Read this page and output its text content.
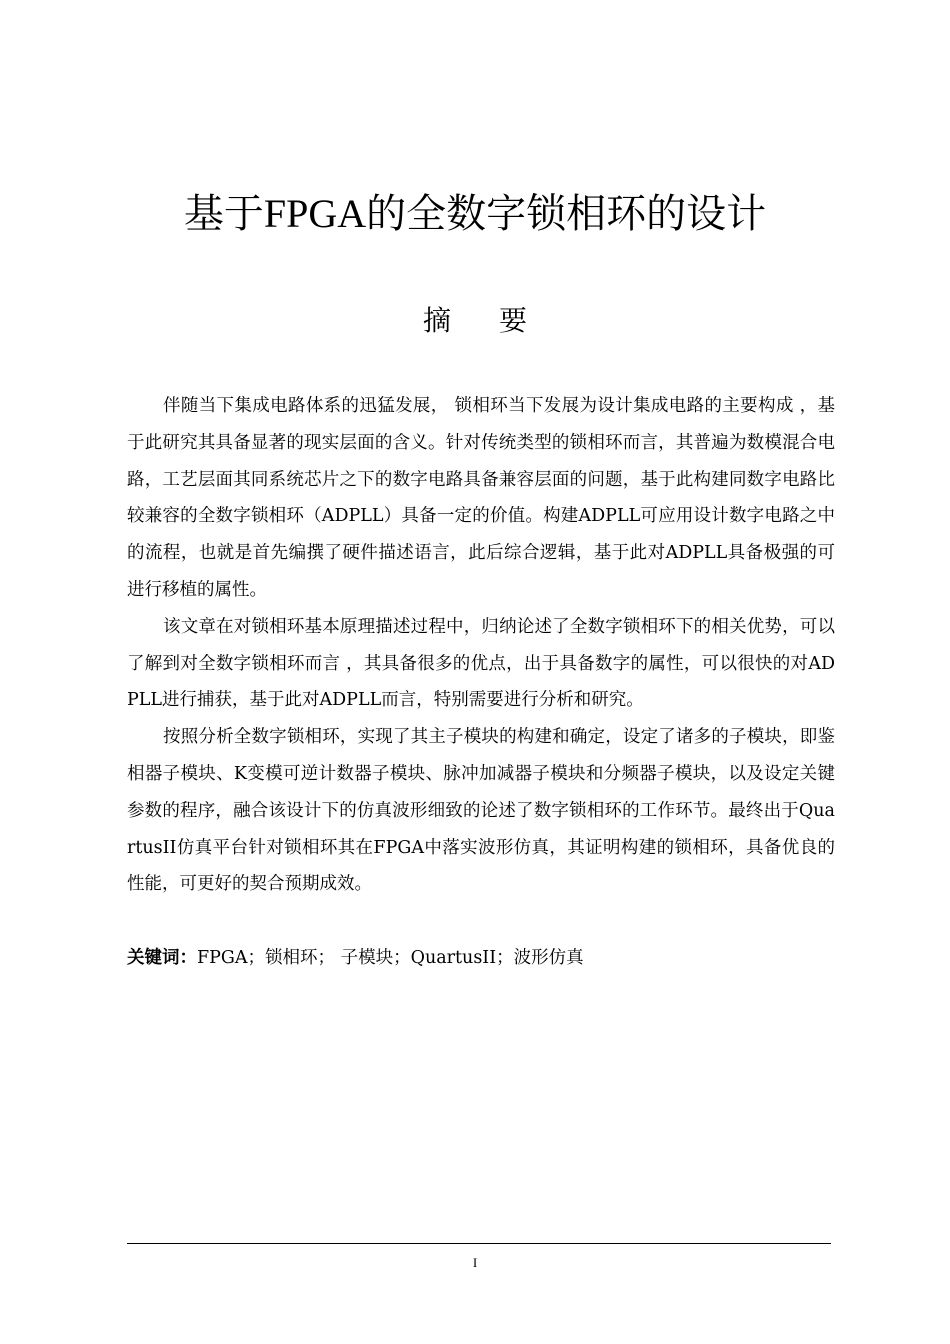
基于FPGA的全数字锁相环的设计
摘 要

伴随当下集成电路体系的迅猛发展， 锁相环当下发展为设计集成电路的主要构成 ，基于此研究其具备显著的现实层面的含义。针对传统类型的锁相环而言，其普遍为数模混合电路，工艺层面其同系统芯片之下的数字电路具备兼容层面的问题，基于此构建同数字电路比较兼容的全数字锁相环（ADPLL）具备一定的价值。构建ADPLL可应用设计数字电路之中的流程，也就是首先编撰了硬件描述语言，此后综合逻辑，基于此对ADPLL具备极强的可进行移植的属性。

该文章在对锁相环基本原理描述过程中，归纳论述了全数字锁相环下的相关优势，可以了解到对全数字锁相环而言 ，其具备很多的优点，出于具备数字的属性，可以很快的对ADPLL进行捕获，基于此对ADPLL而言，特别需要进行分析和研究。

按照分析全数字锁相环，实现了其主子模块的构建和确定，设定了诸多的子模块，即鉴相器子模块、K变模可逆计数器子模块、脉冲加减器子模块和分频器子模块，以及设定关键参数的程序，融合该设计下的仿真波形细致的论述了数字锁相环的工作环节。最终出于QuartusII仿真平台针对锁相环其在FPGA中落实波形仿真，其证明构建的锁相环，具备优良的性能，可更好的契合预期成效。

关键词：FPGA；锁相环； 子模块；QuartusII；波形仿真
I
